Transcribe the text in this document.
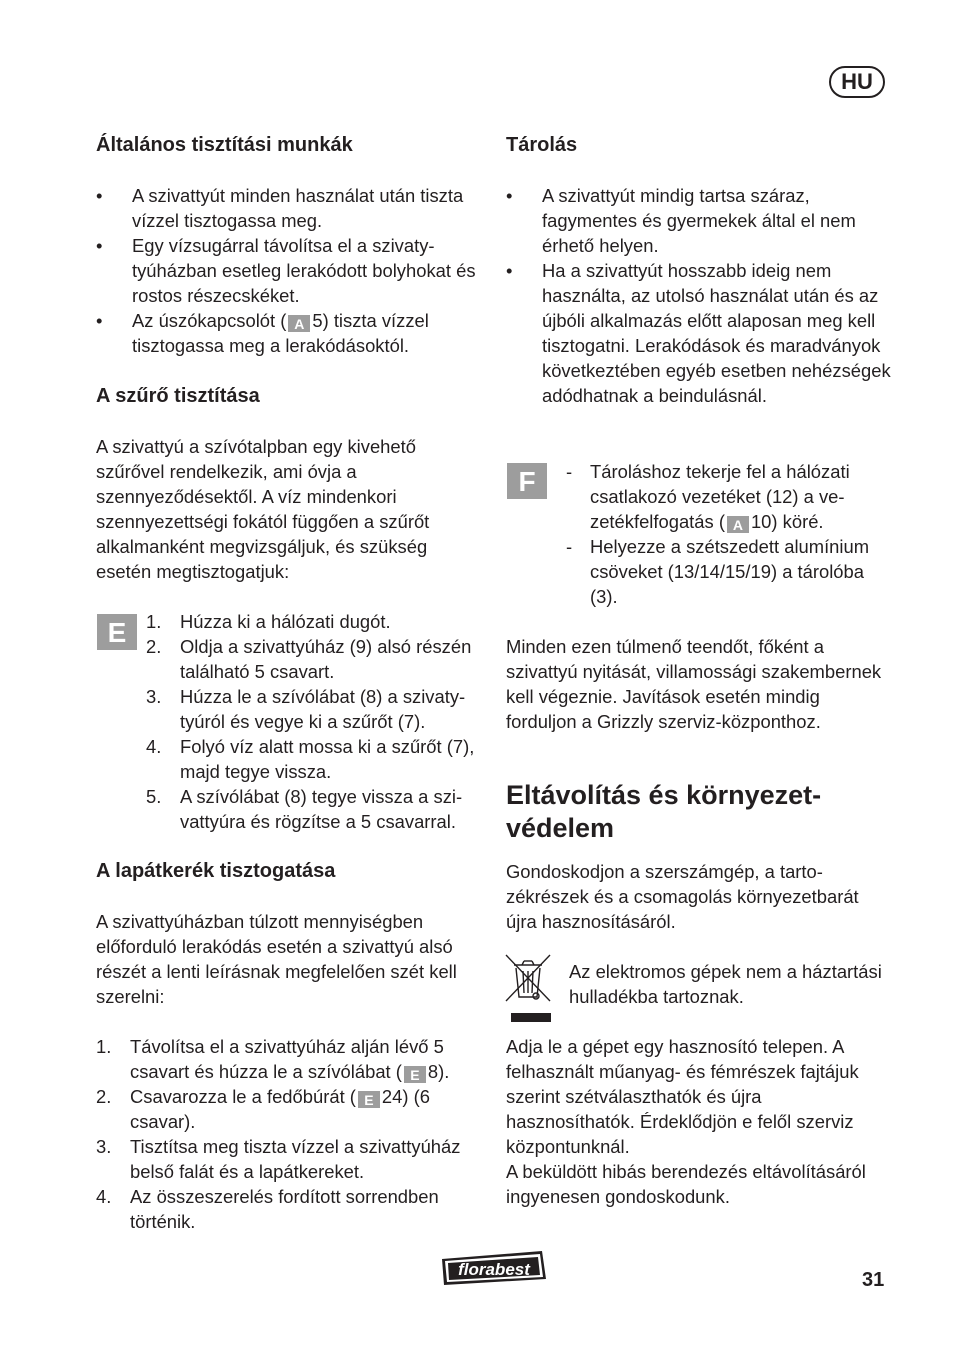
HU
Általános tisztítási munkák
• A szivattyút minden használat után tiszta vízzel tisztogassa meg.
• Egy vízsugárral távolítsa el a szivatytyúházban esetleg lerakódott bolyhokat és rostos részecskéket.
• Az úszókapcsolót ( A 5) tiszta vízzel tisztogassa meg a lerakódásoktól.
A szűrő tisztítása

A szivattyú a szívótalpban egy kivehető szűrővel rendelkezik, ami óvja a szennyeződésektől. A víz mindenkori szennyezettségi fokától függően a szűrőt alkalmanként megvizsgáljuk, és szükség esetén megtisztogatjuk:

E	1. Húzza ki a hálózati dugót.
2. Oldja a szivattyúház (9) alsó részén található 5 csavart.
3. Húzza le a szívólábat (8) a szivatytyúról és vegye ki a szűrőt (7).
4. Folyó víz alatt mossa ki a szűrőt (7), majd tegye vissza.
5. A szívólábat (8) tegye vissza a szivattyúra és rögzítse a 5 csavarral.
A lapátkerék tisztogatása

A szivattyúházban túlzott mennyiségben előforduló lerakódás esetén a szivattyú alsó részét a lenti leírásnak megfelelően szét kell szerelni:

1. Távolítsa el a szivattyúház alján lévő 5 csavart és húzza le a szívólábat ( E 8).
2. Csavarozza le a fedőbúrát ( E 24) (6 csavar).
3. Tisztítsa meg tiszta vízzel a szivattyúház belső falát és a lapátkereket.
4. Az összeszerelés fordított sorrendben történik.
Tárolás
• A szivattyút mindig tartsa száraz, fagymentes és gyermekek által el nem érhető helyen.
• Ha a szivattyút hosszabb ideig nem használta, az utolsó használat után és az újbóli alkalmazás előtt alaposan meg kell tisztogatni. Lerakódások és maradványok következtében egyéb esetben nehézségek adódhatnak a beindulásnál.
F
-	Tároláshoz tekerje fel a hálózati csatlakozó vezetéket (12) a vezetékfelfogatás ( A 10) köré.
- Helyezze a szétszedett alumínium csöveket (13/14/15/19) a tárolóba (3).

Minden ezen túlmenő teendőt, főként a szivattyú nyitását, villamossági szakembernek kell végeznie. Javítások esetén mindig forduljon a Grizzly szerviz-központhoz.

Eltávolítás és környezetvédelem

Gondoskodjon a szerszámgép, a tartozékrészek és a csomagolás környezetbarát újra hasznosításáról.

Az elektromos gépek nem a háztartási hulladékba tartoznak.

Adja le a gépet egy hasznosító telepen. A felhasznált műanyag- és fémrészek fajtájuk szerint szétválaszthatók és újra hasznosíthatók. Érdeklődjön e felől szerviz központunknál.

A beküldött hibás berendezés eltávolításáról ingyenesen gondoskodunk.

florabest	31
